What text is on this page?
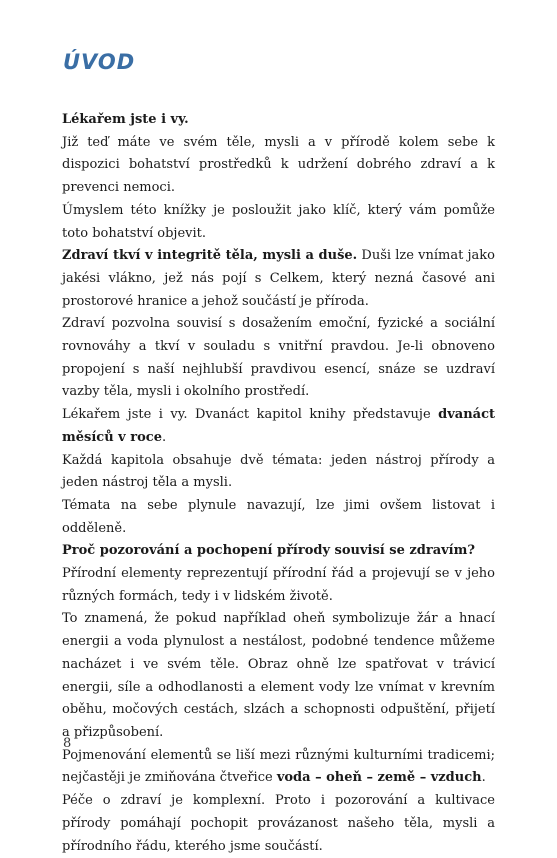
ÚVOD

Lékařem jste i vy.

Již teď máte ve svém těle, mysli a v přírodě kolem sebe k dispozici bohatství prostředků k udržení dobrého zdraví a k prevenci nemoci.

Úmyslem této knížky je posloužit jako klíč, který vám pomůže toto bohatství objevit.

Zdraví tkví v integritě těla, mysli a duše. Duši lze vnímat jako jakési vlákno, jež nás pojí s Celkem, který nezná časové ani prostorové hranice a jehož součástí je příroda.

Zdraví pozvolna souvisí s dosažením emoční, fyzické a sociální rovnováhy a tkví v souladu s vnitřní pravdou. Je-li obnoveno propojení s naší nejhlubší pravdivou esencí, snáze se uzdraví vazby těla, mysli i okolního prostředí.

Lékařem jste i vy. Dvanáct kapitol knihy představuje dvanáct měsíců v roce.

Každá kapitola obsahuje dvě témata: jeden nástroj přírody a jeden nástroj těla a mysli.

Témata na sebe plynule navazují, lze jimi ovšem listovat i odděleně.

Proč pozorování a pochopení přírody souvisí se zdravím?

Přírodní elementy reprezentují přírodní řád a projevují se v jeho různých formách, tedy i v lidském životě.

To znamená, že pokud například oheň symbolizuje žár a hnací energii a voda plynulost a nestálost, podobné tendence můžeme nacházet i ve svém těle. Obraz ohně lze spatřovat v trávicí energii, síle a odhodlanosti a element vody lze vnímat v krevním oběhu, močových cestách, slzách a schopnosti odpuštění, přijetí a přizpůsobení.

Pojmenování elementů se liší mezi různými kulturními tradicemi; nejčastěji je zmiňována čtveřice voda – oheň – země – vzduch.

Péče o zdraví je komplexní. Proto i pozorování a kultivace přírody pomáhají pochopit provázanost našeho těla, mysli a přírodního řádu, kterého jsme součástí.

8
